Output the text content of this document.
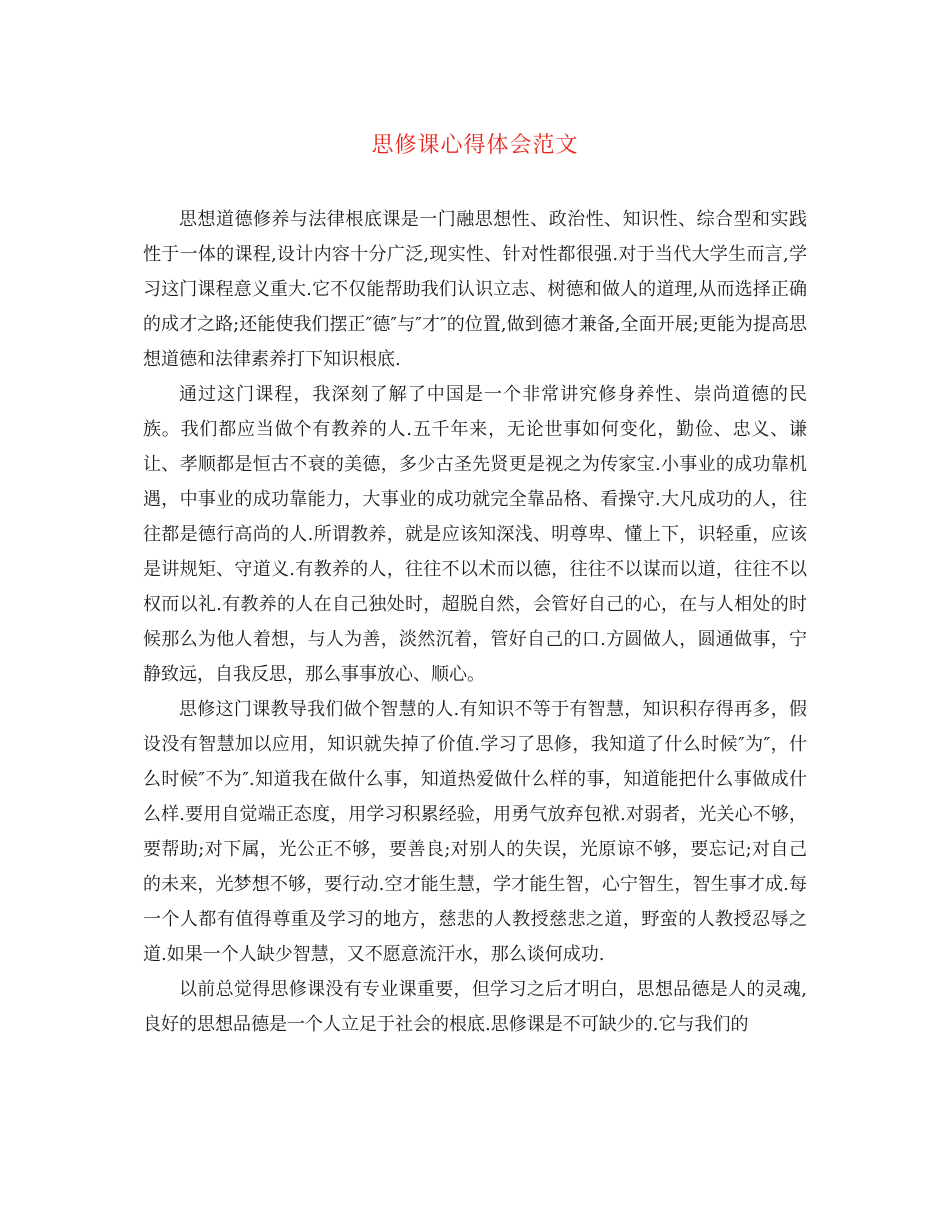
思修课心得体会范文

思想道德修养与法律根底课是一门融思想性、政治性、知识性、综合型和实践性于一体的课程,设计内容十分广泛,现实性、针对性都很强.对于当代大学生而言,学习这门课程意义重大.它不仅能帮助我们认识立志、树德和做人的道理,从而选择正确的成才之路;还能使我们摆正″德″与″才″的位置,做到德才兼备,全面开展;更能为提高思想道德和法律素养打下知识根底.

通过这门课程，我深刻了解了中国是一个非常讲究修身养性、崇尚道德的民族。我们都应当做个有教养的人.五千年来，无论世事如何变化，勤俭、忠义、谦让、孝顺都是恒古不衰的美德，多少古圣先贤更是视之为传家宝.小事业的成功靠机遇，中事业的成功靠能力，大事业的成功就完全靠品格、看操守.大凡成功的人，往往都是德行高尚的人.所谓教养，就是应该知深浅、明尊卑、懂上下，识轻重，应该是讲规矩、守道义.有教养的人，往往不以术而以德，往往不以谋而以道，往往不以权而以礼.有教养的人在自己独处时，超脱自然，会管好自己的心，在与人相处的时候那么为他人着想，与人为善，淡然沉着，管好自己的口.方圆做人，圆通做事，宁静致远，自我反思，那么事事放心、顺心。

思修这门课教导我们做个智慧的人.有知识不等于有智慧，知识积存得再多，假设没有智慧加以应用，知识就失掉了价值.学习了思修，我知道了什么时候″为″，什么时候″不为″.知道我在做什么事，知道热爱做什么样的事，知道能把什么事做成什么样.要用自觉端正态度，用学习积累经验，用勇气放弃包袱.对弱者，光关心不够，要帮助;对下属，光公正不够，要善良;对别人的失误，光原谅不够，要忘记;对自己的未来，光梦想不够，要行动.空才能生慧，学才能生智，心宁智生，智生事才成.每一个人都有值得尊重及学习的地方，慈悲的人教授慈悲之道，野蛮的人教授忍辱之道.如果一个人缺少智慧，又不愿意流汗水，那么谈何成功.

以前总觉得思修课没有专业课重要，但学习之后才明白，思想品德是人的灵魂,良好的思想品德是一个人立足于社会的根底.思修课是不可缺少的.它与我们的
